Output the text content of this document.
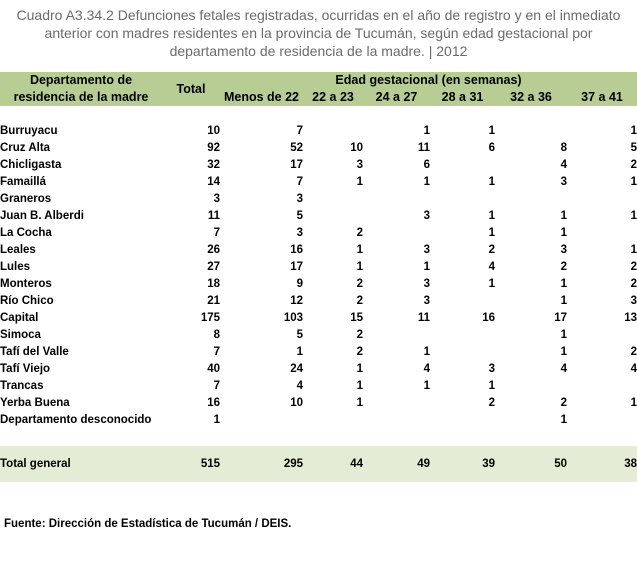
Cuadro A3.34.2 Defunciones fetales registradas, ocurridas en el año de registro y en el inmediato
anterior con madres residentes en la provincia de Tucumán, según edad gestacional por
departamento de residencia de la madre. | 2012
Departamento de
residencia de la madre	Total	Edad gestacional (en semanas)					
		Menos de 22	22 a 23	24 a 27	28 a 31	32 a 36	37 a 41

Burruyacu	10	7		1	1		1
Cruz Alta	92	52	10	11	6	8	5
Chicligasta	32	17	3	6		4	2
Famaillá	14	7	1	1	1	3	1
Graneros	3	3					
Juan B. Alberdi	11	5		3	1	1	1
La Cocha	7	3	2		1	1	
Leales	26	16	1	3	2	3	1
Lules	27	17	1	1	4	2	2
Monteros	18	9	2	3	1	1	2
Río Chico	21	12	2	3		1	3
Capital	175	103	15	11	16	17	13
Simoca	8	5	2			1	
Tafí del Valle	7	1	2	1		1	2
Tafí Viejo	40	24	1	4	3	4	4
Trancas	7	4	1	1	1		
Yerba Buena	16	10	1		2	2	1
Departamento desconocido	1					1	

Total general	515	295	44	49	39	50	38
Fuente: Dirección de Estadística de Tucumán / DEIS.
